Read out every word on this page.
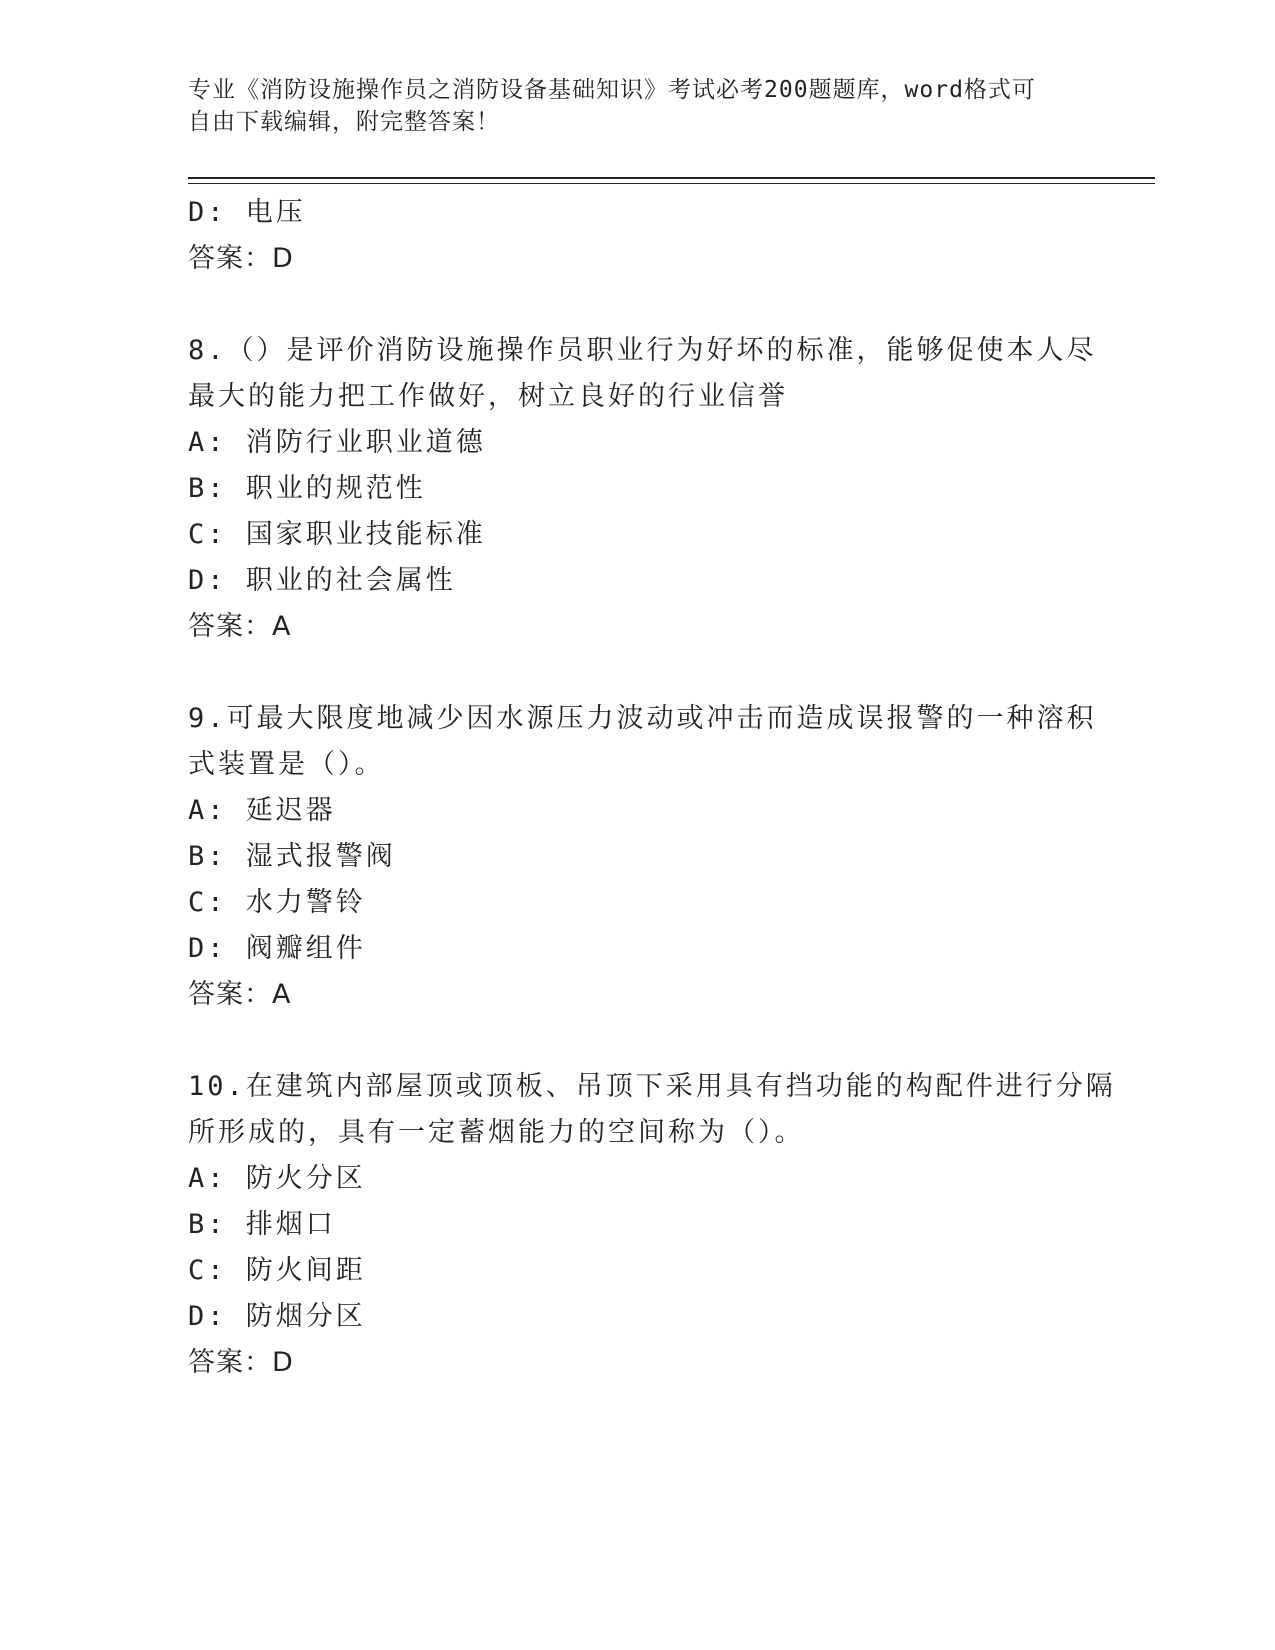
专业《消防设施操作员之消防设备基础知识》考试必考200题题库，word格式可
自由下载编辑，附完整答案！
D: 电压
答案：D
8.（）是评价消防设施操作员职业行为好坏的标准，能够促使本人尽
最大的能力把工作做好，树立良好的行业信誉
A: 消防行业职业道德
B: 职业的规范性
C: 国家职业技能标准
D: 职业的社会属性
答案：A
9.可最大限度地减少因水源压力波动或冲击而造成误报警的一种溶积
式装置是（）。
A: 延迟器
B: 湿式报警阀
C: 水力警铃
D: 阀瓣组件
答案：A
10.在建筑内部屋顶或顶板、吊顶下采用具有挡功能的构配件进行分隔
所形成的，具有一定蓄烟能力的空间称为（）。
A: 防火分区
B: 排烟口
C: 防火间距
D: 防烟分区
答案：D
